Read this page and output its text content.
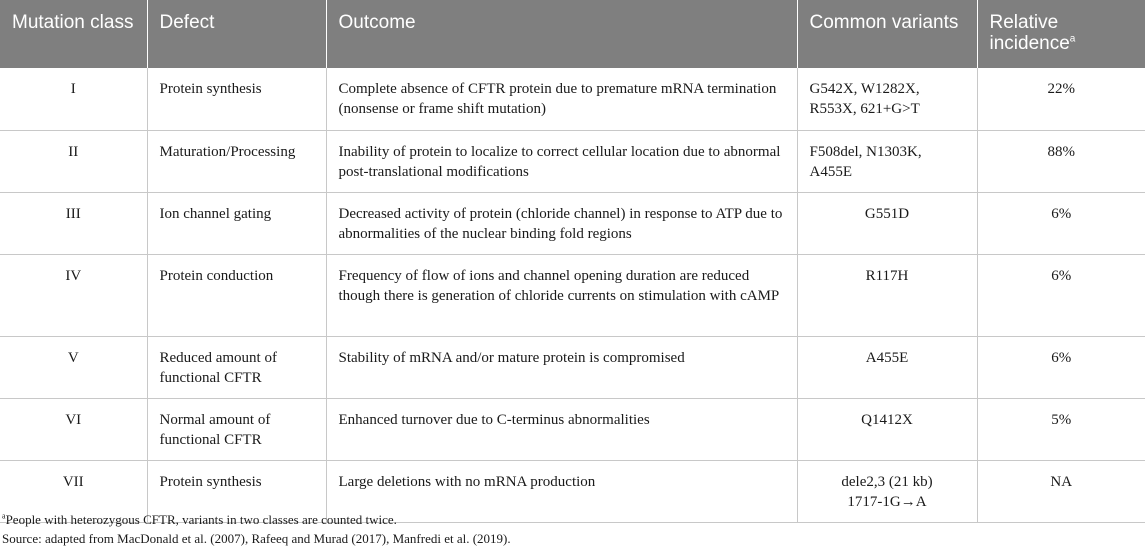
Mutation class	Defect	Outcome	Common variants	Relative incidence$^a$
I	Protein synthesis	Complete absence of CFTR protein due to premature mRNA termination (nonsense or frame shift mutation)	G542X, W1282X, R553X, 621+G>T	22%
II	Maturation/Processing	Inability of protein to localize to correct cellular location due to abnormal post-translational modifications	F508del, N1303K, A455E	88%
III	Ion channel gating	Decreased activity of protein (chloride channel) in response to ATP due to abnormalities of the nuclear binding fold regions	G551D	6%
IV	Protein conduction	Frequency of flow of ions and channel opening duration are reduced though there is generation of chloride currents on stimulation with cAMP	R117H	6%
V	Reduced amount of functional CFTR	Stability of mRNA and/or mature protein is compromised	A455E	6%
VI	Normal amount of functional CFTR	Enhanced turnover due to C-terminus abnormalities	Q1412X	5%
VII	Protein synthesis	Large deletions with no mRNA production	dele2,3 (21 kb) 1717-1G→A	NA
$^a$People with heterozygous CFTR, variants in two classes are counted twice.
Source: adapted from MacDonald et al. (2007), Rafeeq and Murad (2017), Manfredi et al. (2019).
